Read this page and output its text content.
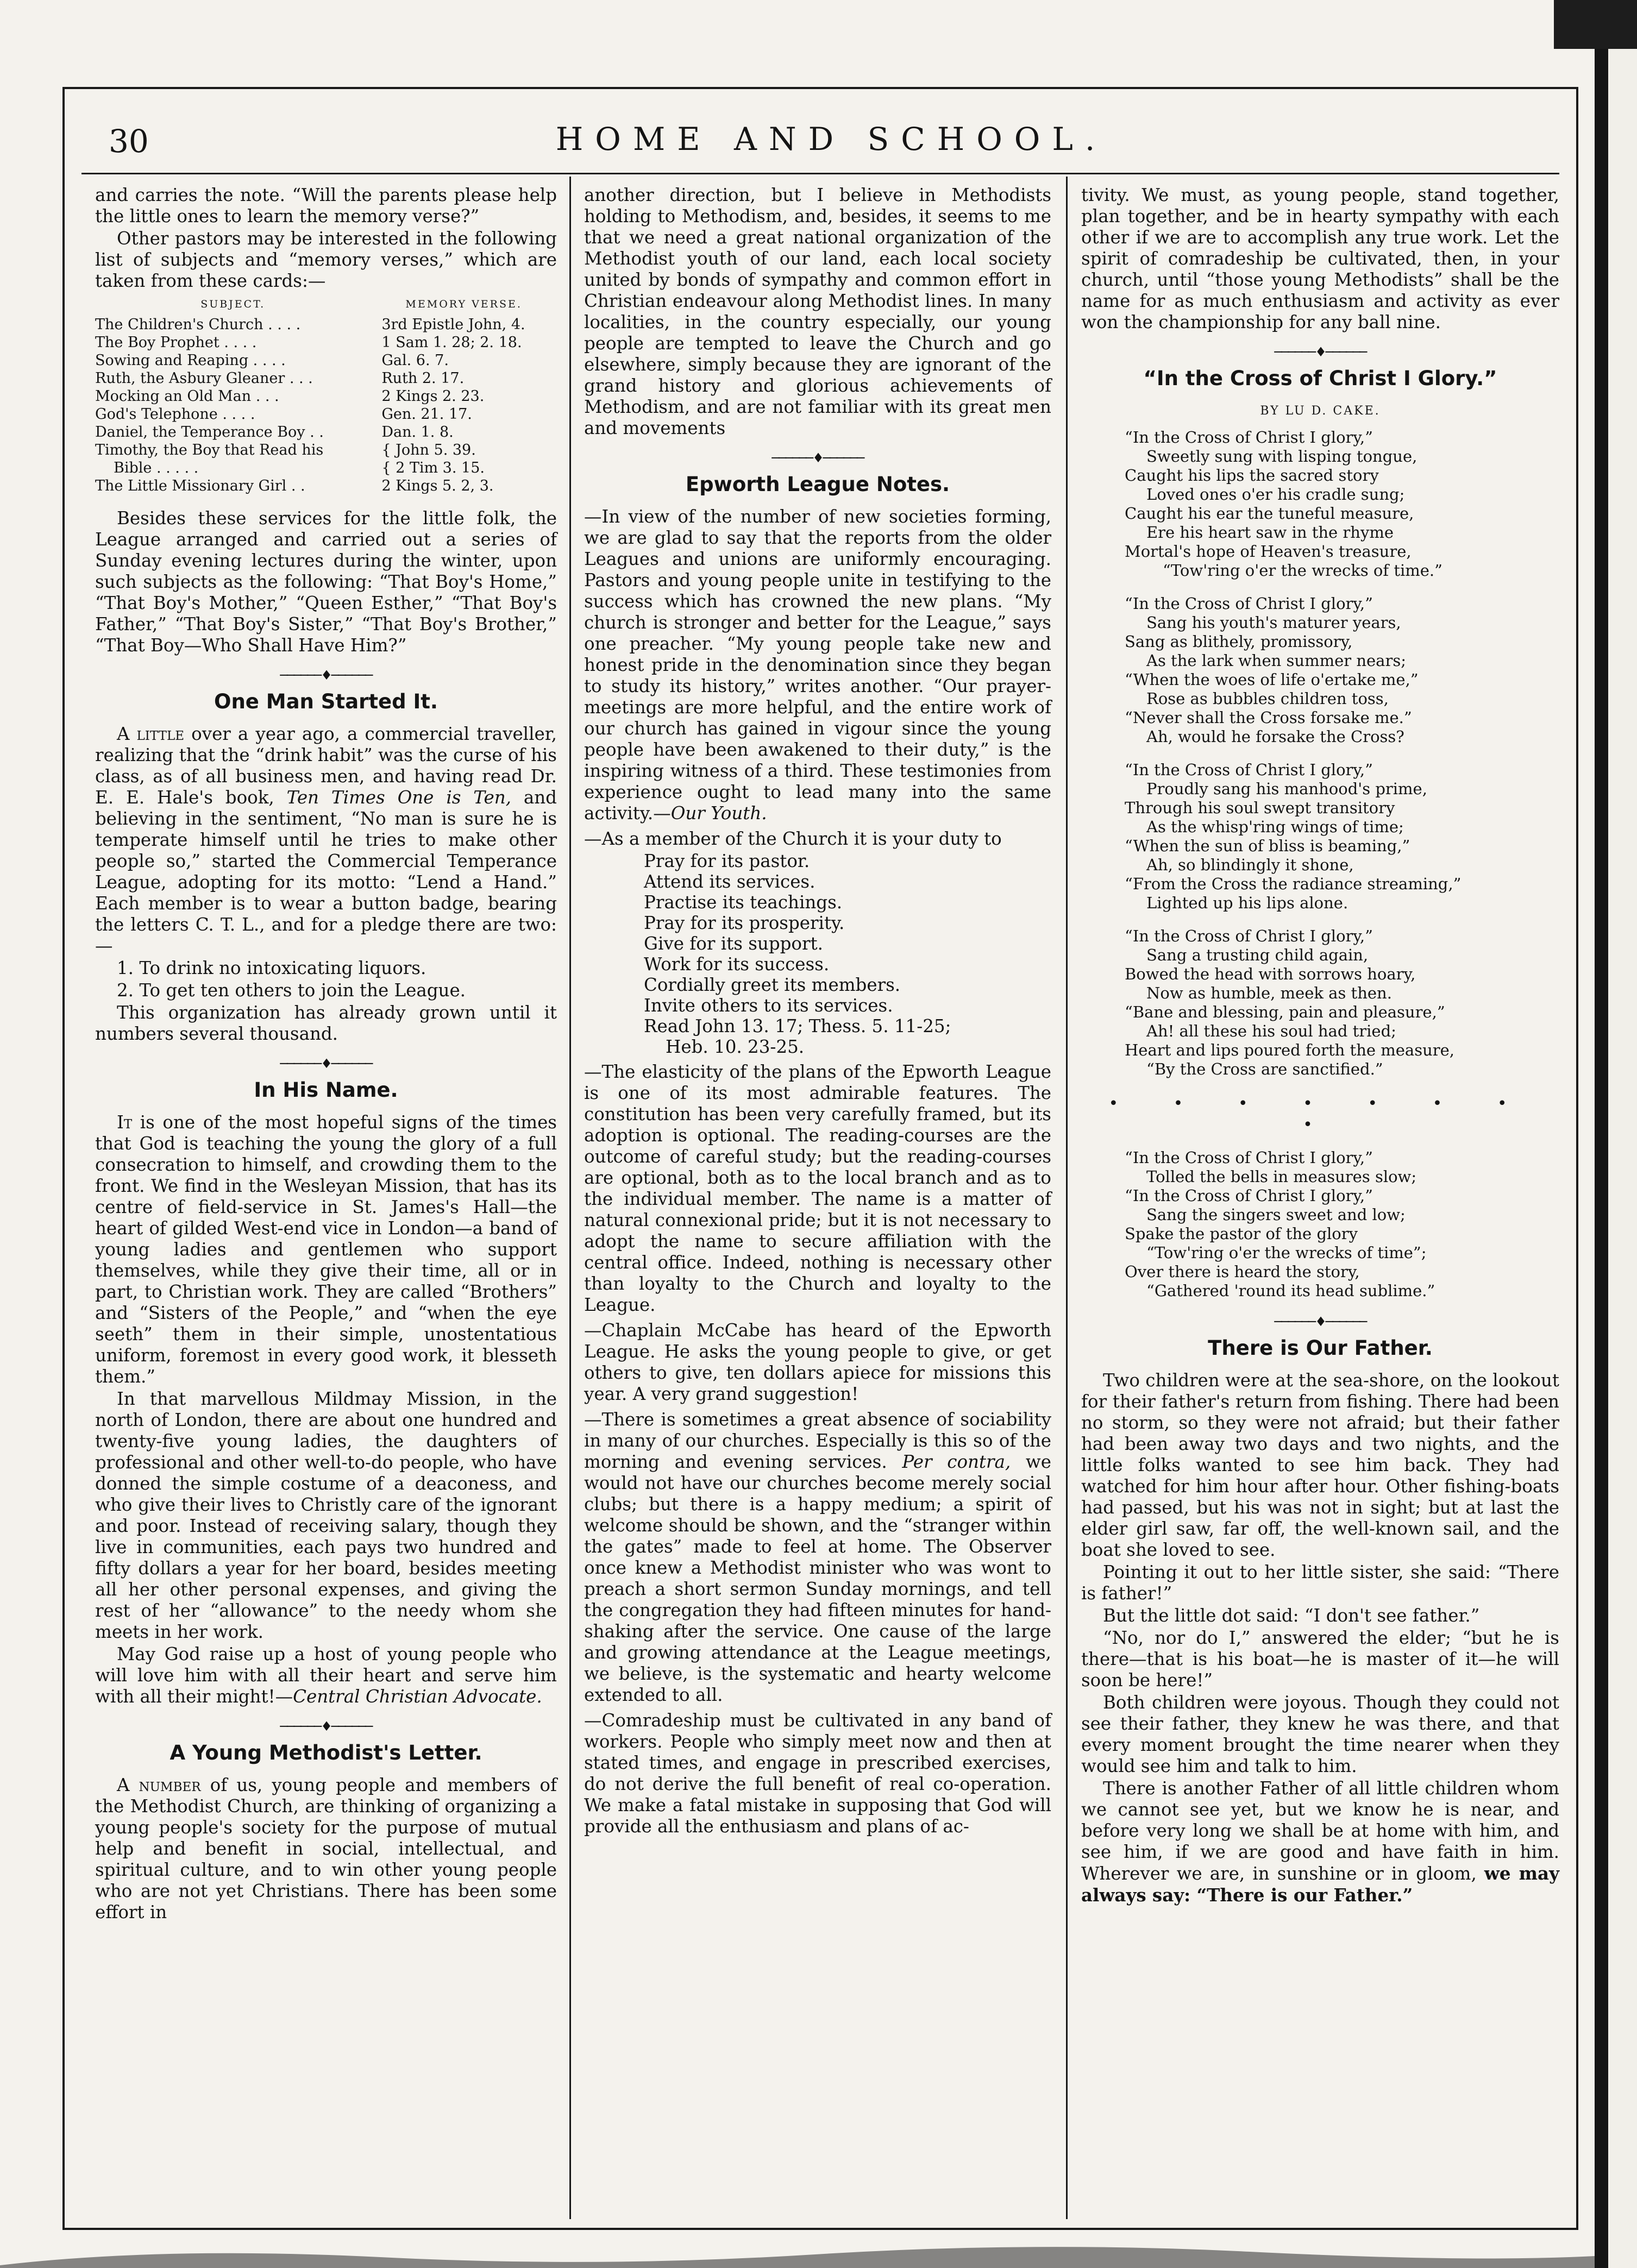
30	HOME AND SCHOOL.

and carries the note. “Will the parents please help the little ones to learn the memory verse?”

Other pastors may be interested in the following list of subjects and “memory verses,” which are taken from these cards:—

SUBJECT.	MEMORY VERSE.
The Children's Church . . . .	3rd Epistle John, 4.
The Boy Prophet . . . .	1 Sam 1. 28; 2. 18.
Sowing and Reaping . . . .	Gal. 6. 7.
Ruth, the Asbury Gleaner . . .	Ruth 2. 17.
Mocking an Old Man . . .	2 Kings 2. 23.
God's Telephone . . . .	Gen. 21. 17.
Daniel, the Temperance Boy . .	Dan. 1. 8.
Timothy, the Boy that Read his	{ John 5. 39.
Bible . . . . .	{ 2 Tim 3. 15.
The Little Missionary Girl . .	2 Kings 5. 2, 3.

Besides these services for the little folk, the League arranged and carried out a series of Sunday evening lectures during the winter, upon such subjects as the following: “That Boy's Home,” “That Boy's Mother,” “Queen Esther,” “That Boy's Father,” “That Boy's Sister,” “That Boy's Brother,” “That Boy—Who Shall Have Him?”

──────♦──────
One Man Started It.

A little over a year ago, a commercial traveller, realizing that the “drink habit” was the curse of his class, as of all business men, and having read Dr. E. E. Hale's book, Ten Times One is Ten, and believing in the sentiment, “No man is sure he is temperate himself until he tries to make other people so,” started the Commercial Temperance League, adopting for its motto: “Lend a Hand.” Each member is to wear a button badge, bearing the letters C. T. L., and for a pledge there are two:—

1. To drink no intoxicating liquors.

2. To get ten others to join the League.

This organization has already grown until it numbers several thousand.

──────♦──────
In His Name.

It is one of the most hopeful signs of the times that God is teaching the young the glory of a full consecration to himself, and crowding them to the front. We find in the Wesleyan Mission, that has its centre of field-service in St. James's Hall—the heart of gilded West-end vice in London—a band of young ladies and gentlemen who support themselves, while they give their time, all or in part, to Christian work. They are called “Brothers” and “Sisters of the People,” and “when the eye seeth” them in their simple, unostentatious uniform, foremost in every good work, it blesseth them.”

In that marvellous Mildmay Mission, in the north of London, there are about one hundred and twenty-five young ladies, the daughters of professional and other well-to-do people, who have donned the simple costume of a deaconess, and who give their lives to Christly care of the ignorant and poor. Instead of receiving salary, though they live in communities, each pays two hundred and fifty dollars a year for her board, besides meeting all her other personal expenses, and giving the rest of her “allowance” to the needy whom she meets in her work.

May God raise up a host of young people who will love him with all their heart and serve him with all their might!—Central Christian Advocate.

──────♦──────
A Young Methodist's Letter.

A number of us, young people and members of the Methodist Church, are thinking of organizing a young people's society for the purpose of mutual help and benefit in social, intellectual, and spiritual culture, and to win other young people who are not yet Christians. There has been some effort in

another direction, but I believe in Methodists holding to Methodism, and, besides, it seems to me that we need a great national organization of the Methodist youth of our land, each local society united by bonds of sympathy and common effort in Christian endeavour along Methodist lines. In many localities, in the country especially, our young people are tempted to leave the Church and go elsewhere, simply because they are ignorant of the grand history and glorious achievements of Methodism, and are not familiar with its great men and movements

──────♦──────
Epworth League Notes.

—In view of the number of new societies forming, we are glad to say that the reports from the older Leagues and unions are uniformly encouraging. Pastors and young people unite in testifying to the success which has crowned the new plans. “My church is stronger and better for the League,” says one preacher. “My young people take new and honest pride in the denomination since they began to study its history,” writes another. “Our prayer-meetings are more helpful, and the entire work of our church has gained in vigour since the young people have been awakened to their duty,” is the inspiring witness of a third. These testimonies from experience ought to lead many into the same activity.—Our Youth.

—As a member of the Church it is your duty to

Pray for its pastor.
Attend its services.
Practise its teachings.
Pray for its prosperity.
Give for its support.
Work for its success.
Cordially greet its members.
Invite others to its services.
Read John 13. 17; Thess. 5. 11-25;
Heb. 10. 23-25.

—The elasticity of the plans of the Epworth League is one of its most admirable features. The constitution has been very carefully framed, but its adoption is optional. The reading-courses are the outcome of careful study; but the reading-courses are optional, both as to the local branch and as to the individual member. The name is a matter of natural connexional pride; but it is not necessary to adopt the name to secure affiliation with the central office. Indeed, nothing is necessary other than loyalty to the Church and loyalty to the League.

—Chaplain McCabe has heard of the Epworth League. He asks the young people to give, or get others to give, ten dollars apiece for missions this year. A very grand suggestion!

—There is sometimes a great absence of sociability in many of our churches. Especially is this so of the morning and evening services. Per contra, we would not have our churches become merely social clubs; but there is a happy medium; a spirit of welcome should be shown, and the “stranger within the gates” made to feel at home. The Observer once knew a Methodist minister who was wont to preach a short sermon Sunday mornings, and tell the congregation they had fifteen minutes for hand-shaking after the service. One cause of the large and growing attendance at the League meetings, we believe, is the systematic and hearty welcome extended to all.

—Comradeship must be cultivated in any band of workers. People who simply meet now and then at stated times, and engage in prescribed exercises, do not derive the full benefit of real co-operation. We make a fatal mistake in supposing that God will provide all the enthusiasm and plans of ac-

tivity. We must, as young people, stand together, plan together, and be in hearty sympathy with each other if we are to accomplish any true work. Let the spirit of comradeship be cultivated, then, in your church, until “those young Methodists” shall be the name for as much enthusiasm and activity as ever won the championship for any ball nine.

──────♦──────
“In the Cross of Christ I Glory.”
BY LU D. CAKE.
“In the Cross of Christ I glory,”
Sweetly sung with lisping tongue,
Caught his lips the sacred story
Loved ones o'er his cradle sung;
Caught his ear the tuneful measure,
Ere his heart saw in the rhyme
Mortal's hope of Heaven's treasure,
“Tow'ring o'er the wrecks of time.”
“In the Cross of Christ I glory,”
Sang his youth's maturer years,
Sang as blithely, promissory,
As the lark when summer nears;
“When the woes of life o'ertake me,”
Rose as bubbles children toss,
“Never shall the Cross forsake me.”
Ah, would he forsake the Cross?
“In the Cross of Christ I glory,”
Proudly sang his manhood's prime,
Through his soul swept transitory
As the whisp'ring wings of time;
“When the sun of bliss is beaming,”
Ah, so blindingly it shone,
“From the Cross the radiance streaming,”
Lighted up his lips alone.
“In the Cross of Christ I glory,”
Sang a trusting child again,
Bowed the head with sorrows hoary,
Now as humble, meek as then.
“Bane and blessing, pain and pleasure,”
Ah! all these his soul had tried;
Heart and lips poured forth the measure,
“By the Cross are sanctified.”
• • • • • • • •
“In the Cross of Christ I glory,”
Tolled the bells in measures slow;
“In the Cross of Christ I glory,”
Sang the singers sweet and low;
Spake the pastor of the glory
“Tow'ring o'er the wrecks of time”;
Over there is heard the story,
“Gathered 'round its head sublime.”
──────♦──────
There is Our Father.

Two children were at the sea-shore, on the lookout for their father's return from fishing. There had been no storm, so they were not afraid; but their father had been away two days and two nights, and the little folks wanted to see him back. They had watched for him hour after hour. Other fishing-boats had passed, but his was not in sight; but at last the elder girl saw, far off, the well-known sail, and the boat she loved to see.

Pointing it out to her little sister, she said: “There is father!”

But the little dot said: “I don't see father.”

“No, nor do I,” answered the elder; “but he is there—that is his boat—he is master of it—he will soon be here!”

Both children were joyous. Though they could not see their father, they knew he was there, and that every moment brought the time nearer when they would see him and talk to him.

There is another Father of all little children whom we cannot see yet, but we know he is near, and before very long we shall be at home with him, and see him, if we are good and have faith in him. Wherever we are, in sunshine or in gloom, we may always say: “There is our Father.”
